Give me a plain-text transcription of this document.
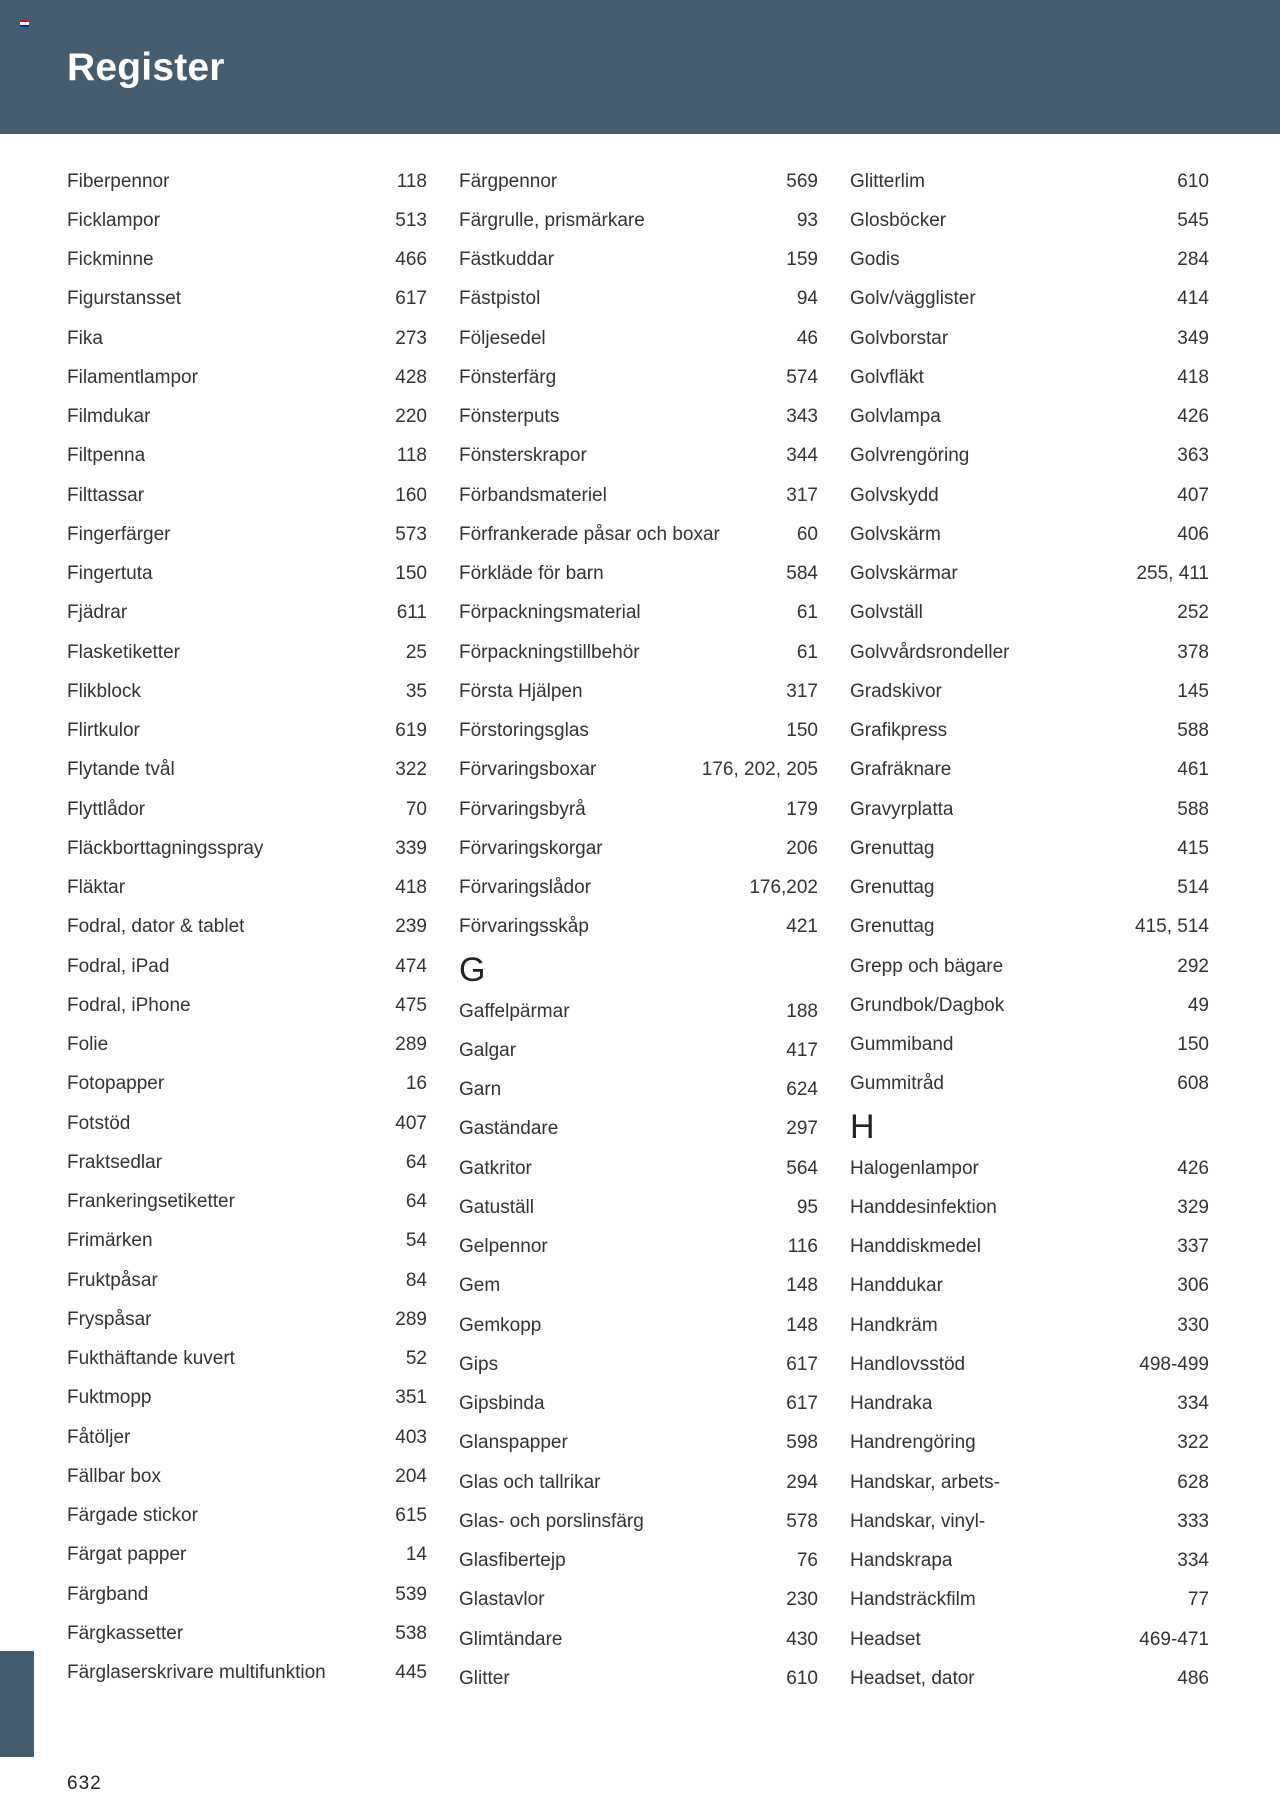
Register
Fiberpennor	118
Ficklampor	513
Fickminne	466
Figurstansset	617
Fika	273
Filamentlampor	428
Filmdukar	220
Filtpenna	118
Filttassar	160
Fingerfärger	573
Fingertuta	150
Fjädrar	611
Flasketiketter	25
Flikblock	35
Flirtkulor	619
Flytande tvål	322
Flyttlådor	70
Fläckborttagningsspray	339
Fläktar	418
Fodral, dator & tablet	239
Fodral, iPad	474
Fodral, iPhone	475
Folie	289
Fotopapper	16
Fotstöd	407
Fraktsedlar	64
Frankeringsetiketter	64
Frimärken	54
Fruktpåsar	84
Fryspåsar	289
Fukthäftande kuvert	52
Fuktmopp	351
Fåtöljer	403
Fällbar box	204
Färgade stickor	615
Färgat papper	14
Färgband	539
Färgkassetter	538
Färglaserskrivare multifunktion	445
Färgpennor	569
Färgrulle, prismärkare	93
Fästkuddar	159
Fästpistol	94
Följesedel	46
Fönsterfärg	574
Fönsterputs	343
Fönsterskrapor	344
Förbandsmateriel	317
Förfrankerade påsar och boxar	60
Förkläde för barn	584
Förpackningsmaterial	61
Förpackningstillbehör	61
Första Hjälpen	317
Förstoringsglas	150
Förvaringsboxar	176, 202, 205
Förvaringsbyrå	179
Förvaringskorgar	206
Förvaringslådor	176,202
Förvaringsskåp	421
G
Gaffelpärmar	188
Galgar	417
Garn	624
Gaständare	297
Gatkritor	564
Gatuställ	95
Gelpennor	116
Gem	148
Gemkopp	148
Gips	617
Gipsbinda	617
Glanspapper	598
Glas och tallrikar	294
Glas- och porslinsfärg	578
Glasfibertejp	76
Glastavlor	230
Glimtändare	430
Glitter	610
Glitterlim	610
Glosböcker	545
Godis	284
Golv/vägglister	414
Golvborstar	349
Golvfläkt	418
Golvlampa	426
Golvrengöring	363
Golvskydd	407
Golvskärm	406
Golvskärmar	255, 411
Golvställ	252
Golvvårdsrondeller	378
Gradskivor	145
Grafikpress	588
Grafräknare	461
Gravyrplatta	588
Grenuttag	415
Grenuttag	514
Grenuttag	415, 514
Grepp och bägare	292
Grundbok/Dagbok	49
Gummiband	150
Gummitråd	608
H
Halogenlampor	426
Handdesinfektion	329
Handdiskmedel	337
Handdukar	306
Handkräm	330
Handlovsstöd	498-499
Handraka	334
Handrengöring	322
Handskar, arbets-	628
Handskar, vinyl-	333
Handskrapa	334
Handsträckfilm	77
Headset	469-471
Headset, dator	486
632
